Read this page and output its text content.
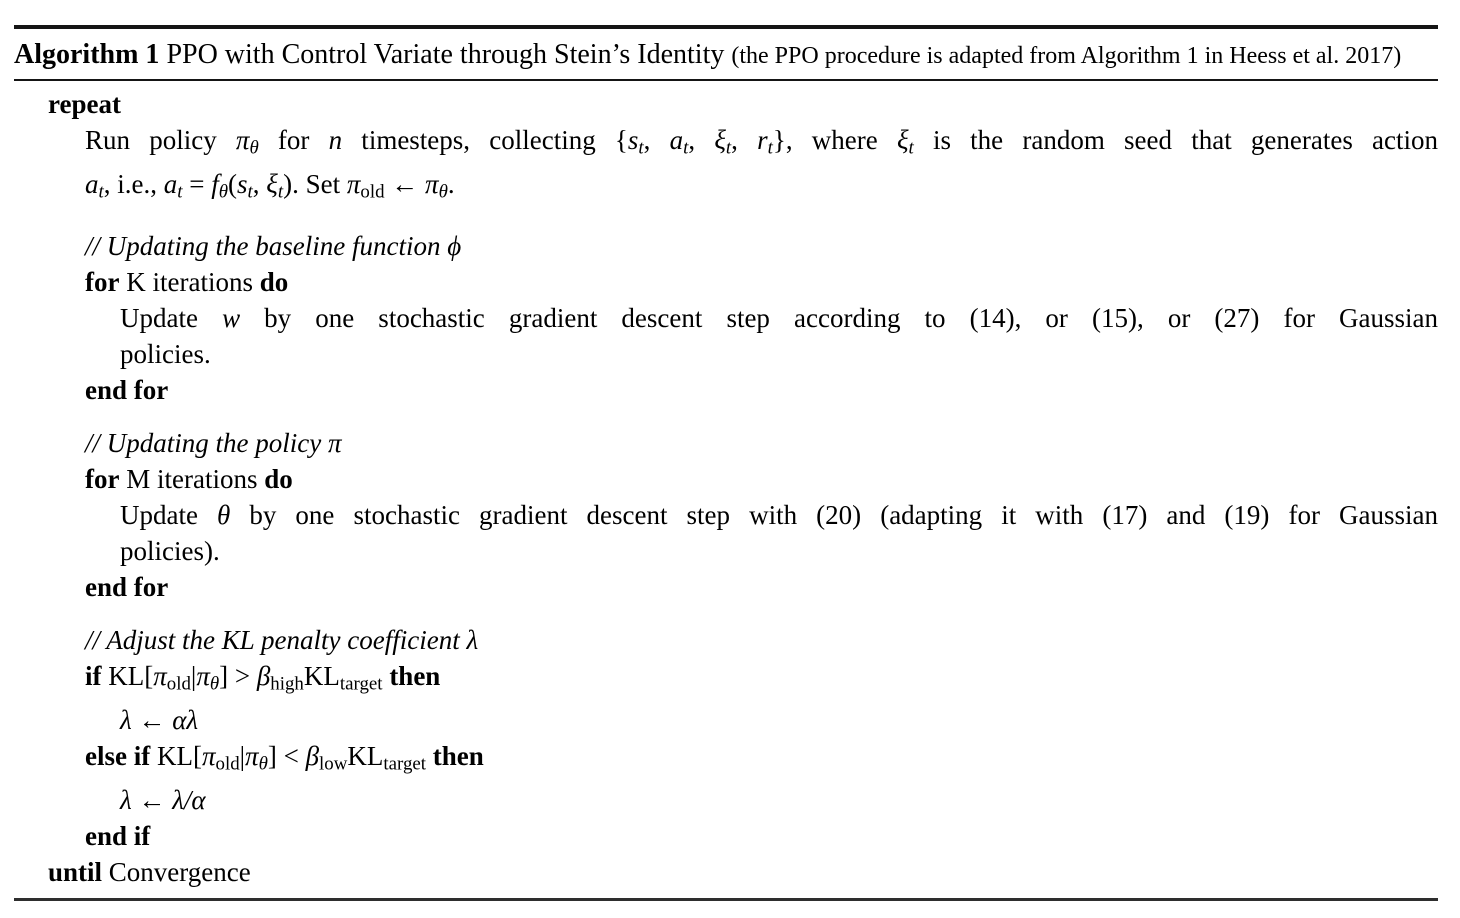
Algorithm 1 PPO with Control Variate through Stein’s Identity (the PPO procedure is adapted from Algorithm 1 in Heess et al. 2017)
repeat
Run policy πθ for n timesteps, collecting {st, at, ξt, rt}, where ξt is the random seed that generates action
at, i.e., at = fθ(st, ξt). Set πold ← πθ.
// Updating the baseline function ϕ
for K iterations do
Update w by one stochastic gradient descent step according to (14), or (15), or (27) for Gaussian
policies.
end for
// Updating the policy π
for M iterations do
Update θ by one stochastic gradient descent step with (20) (adapting it with (17) and (19) for Gaussian
policies).
end for
// Adjust the KL penalty coefficient λ
if KL[πold|πθ] > βhighKLtarget then
λ ← αλ
else if KL[πold|πθ] < βlowKLtarget then
λ ← λ/α
end if
until Convergence
